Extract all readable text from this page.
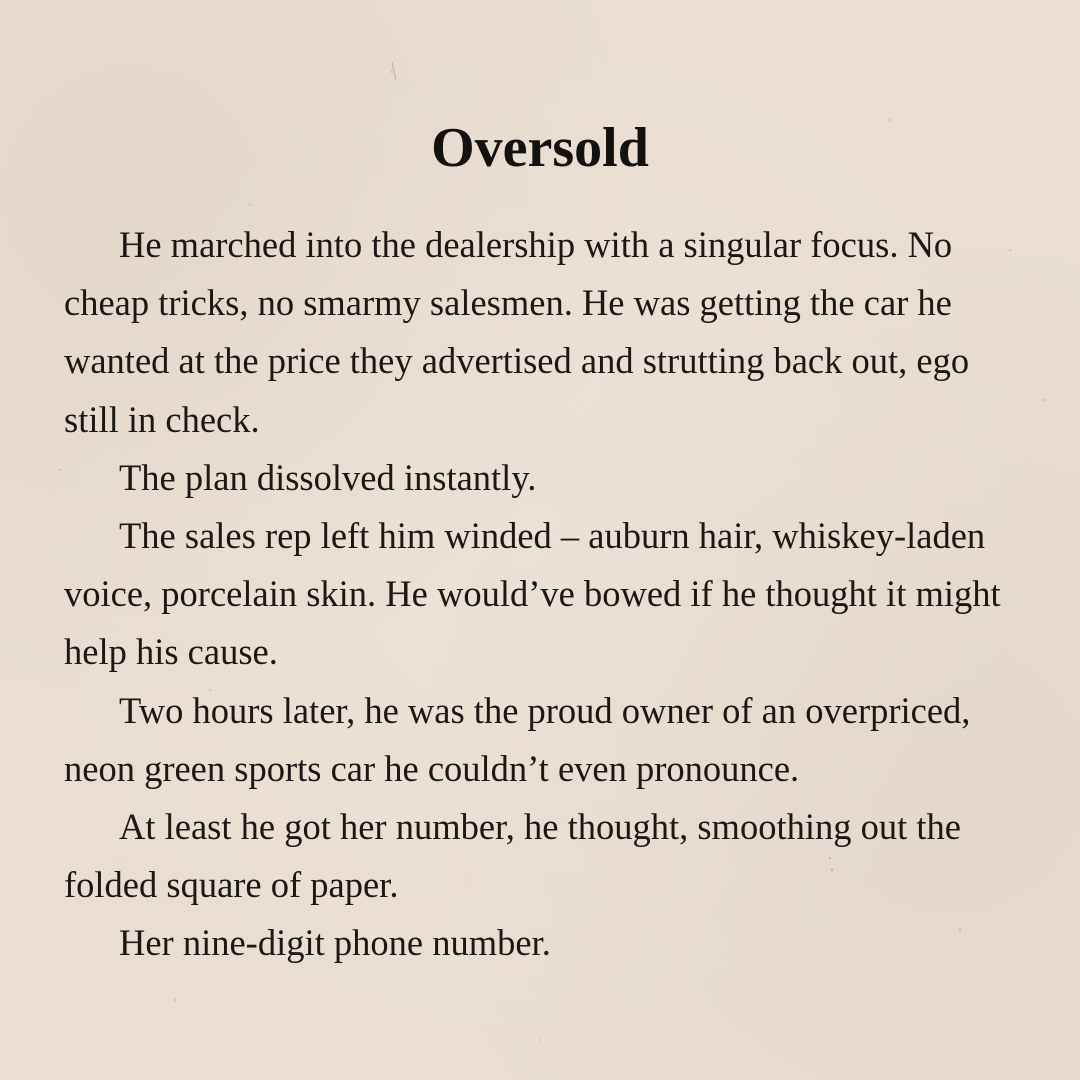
Oversold

He marched into the dealership with a singular focus. No cheap tricks, no smarmy salesmen. He was getting the car he wanted at the price they advertised and strutting back out, ego still in check.

The plan dissolved instantly.

The sales rep left him winded – auburn hair, whiskey-laden voice, porcelain skin. He would’ve bowed if he thought it might help his cause.

Two hours later, he was the proud owner of an overpriced, neon green sports car he couldn’t even pronounce.

At least he got her number, he thought, smoothing out the folded square of paper.

Her nine-digit phone number.
